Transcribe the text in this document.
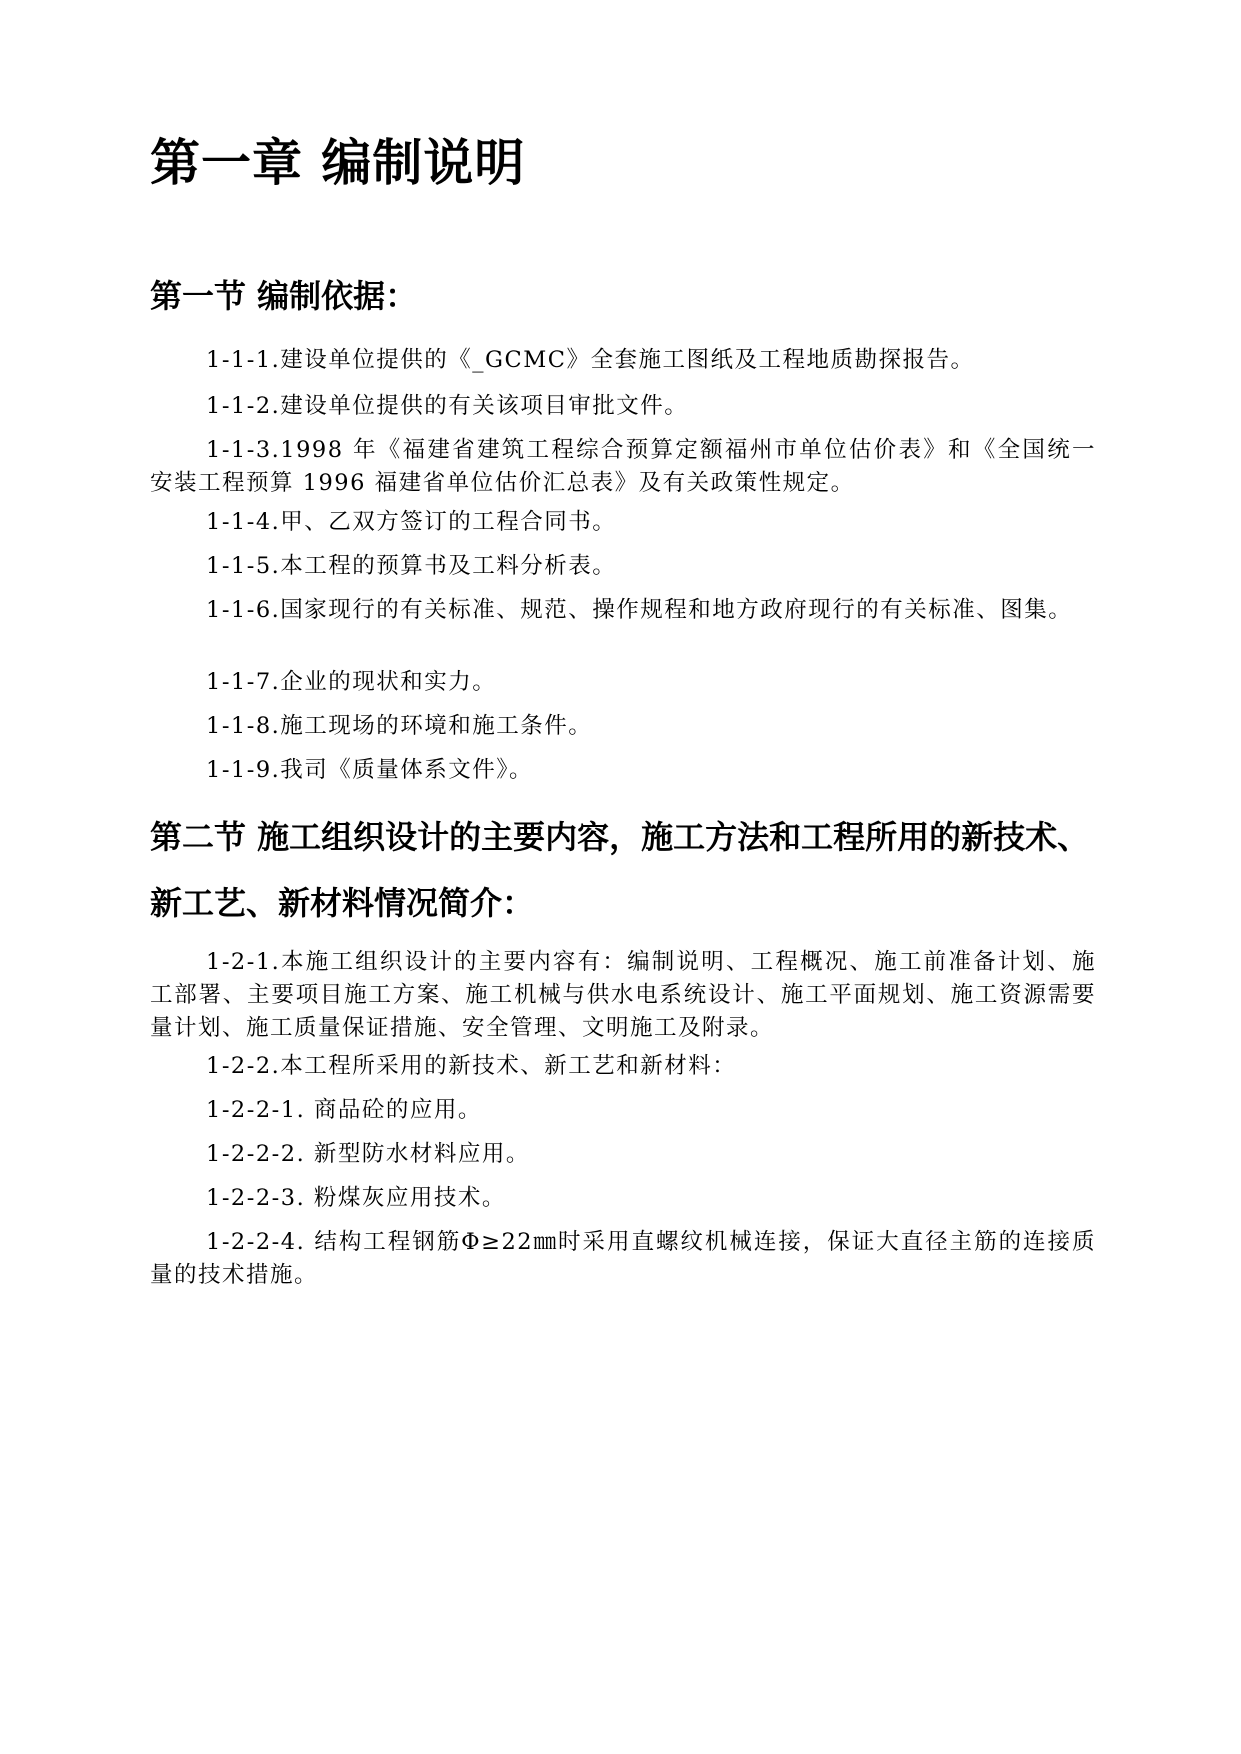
第一章 编制说明
第一节 编制依据：

1-1-1.建设单位提供的《_GCMC》全套施工图纸及工程地质勘探报告。

1-1-2.建设单位提供的有关该项目审批文件。

1-1-3.1998 年《福建省建筑工程综合预算定额福州市单位估价表》和《全国统一安装工程预算 1996 福建省单位估价汇总表》及有关政策性规定。

1-1-4.甲、乙双方签订的工程合同书。

1-1-5.本工程的预算书及工料分析表。

1-1-6.国家现行的有关标准、规范、操作规程和地方政府现行的有关标准、图集。

1-1-7.企业的现状和实力。

1-1-8.施工现场的环境和施工条件。

1-1-9.我司《质量体系文件》。

第二节 施工组织设计的主要内容，施工方法和工程所用的新技术、新工艺、新材料情况简介：

1-2-1.本施工组织设计的主要内容有：编制说明、工程概况、施工前准备计划、施工部署、主要项目施工方案、施工机械与供水电系统设计、施工平面规划、施工资源需要量计划、施工质量保证措施、安全管理、文明施工及附录。

1-2-2.本工程所采用的新技术、新工艺和新材料：

1-2-2-1. 商品砼的应用。

1-2-2-2. 新型防水材料应用。

1-2-2-3. 粉煤灰应用技术。

1-2-2-4. 结构工程钢筋Φ≥22㎜时采用直螺纹机械连接，保证大直径主筋的连接质量的技术措施。
